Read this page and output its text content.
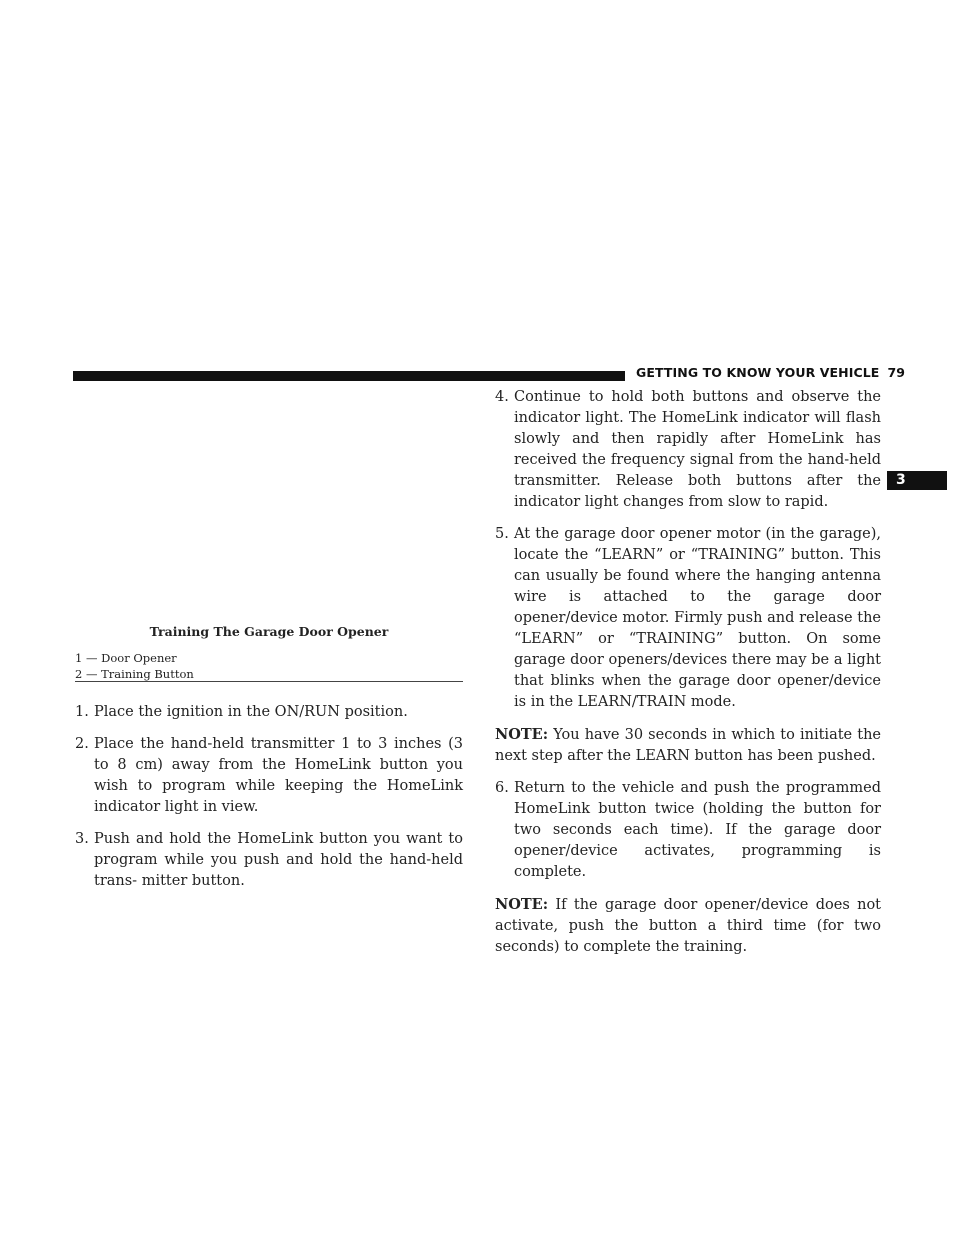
GETTING TO KNOW YOUR VEHICLE 79
3
Training The Garage Door Opener
1 — Door Opener
2 — Training Button
1. Place the ignition in the ON/RUN position.
2. Place the hand-held transmitter 1 to 3 inches (3 to 8 cm) away from the HomeLink button you wish to program while keeping the HomeLink indicator light in view.
3. Push and hold the HomeLink button you want to program while you push and hold the hand-held trans- mitter button.
4. Continue to hold both buttons and observe the indicator light. The HomeLink indicator will flash slowly and then rapidly after HomeLink has received the frequency signal from the hand-held transmitter. Release both buttons after the indicator light changes from slow to rapid.
5. At the garage door opener motor (in the garage), locate the “LEARN” or “TRAINING” button. This can usually be found where the hanging antenna wire is attached to the garage door opener/device motor. Firmly push and release the “LEARN” or “TRAINING” button. On some garage door openers/devices there may be a light that blinks when the garage door opener/device is in the LEARN/TRAIN mode.
NOTE: You have 30 seconds in which to initiate the next step after the LEARN button has been pushed.
6. Return to the vehicle and push the programmed HomeLink button twice (holding the button for two seconds each time). If the garage door opener/device activates, programming is complete.
NOTE: If the garage door opener/device does not activate, push the button a third time (for two seconds) to complete the training.
